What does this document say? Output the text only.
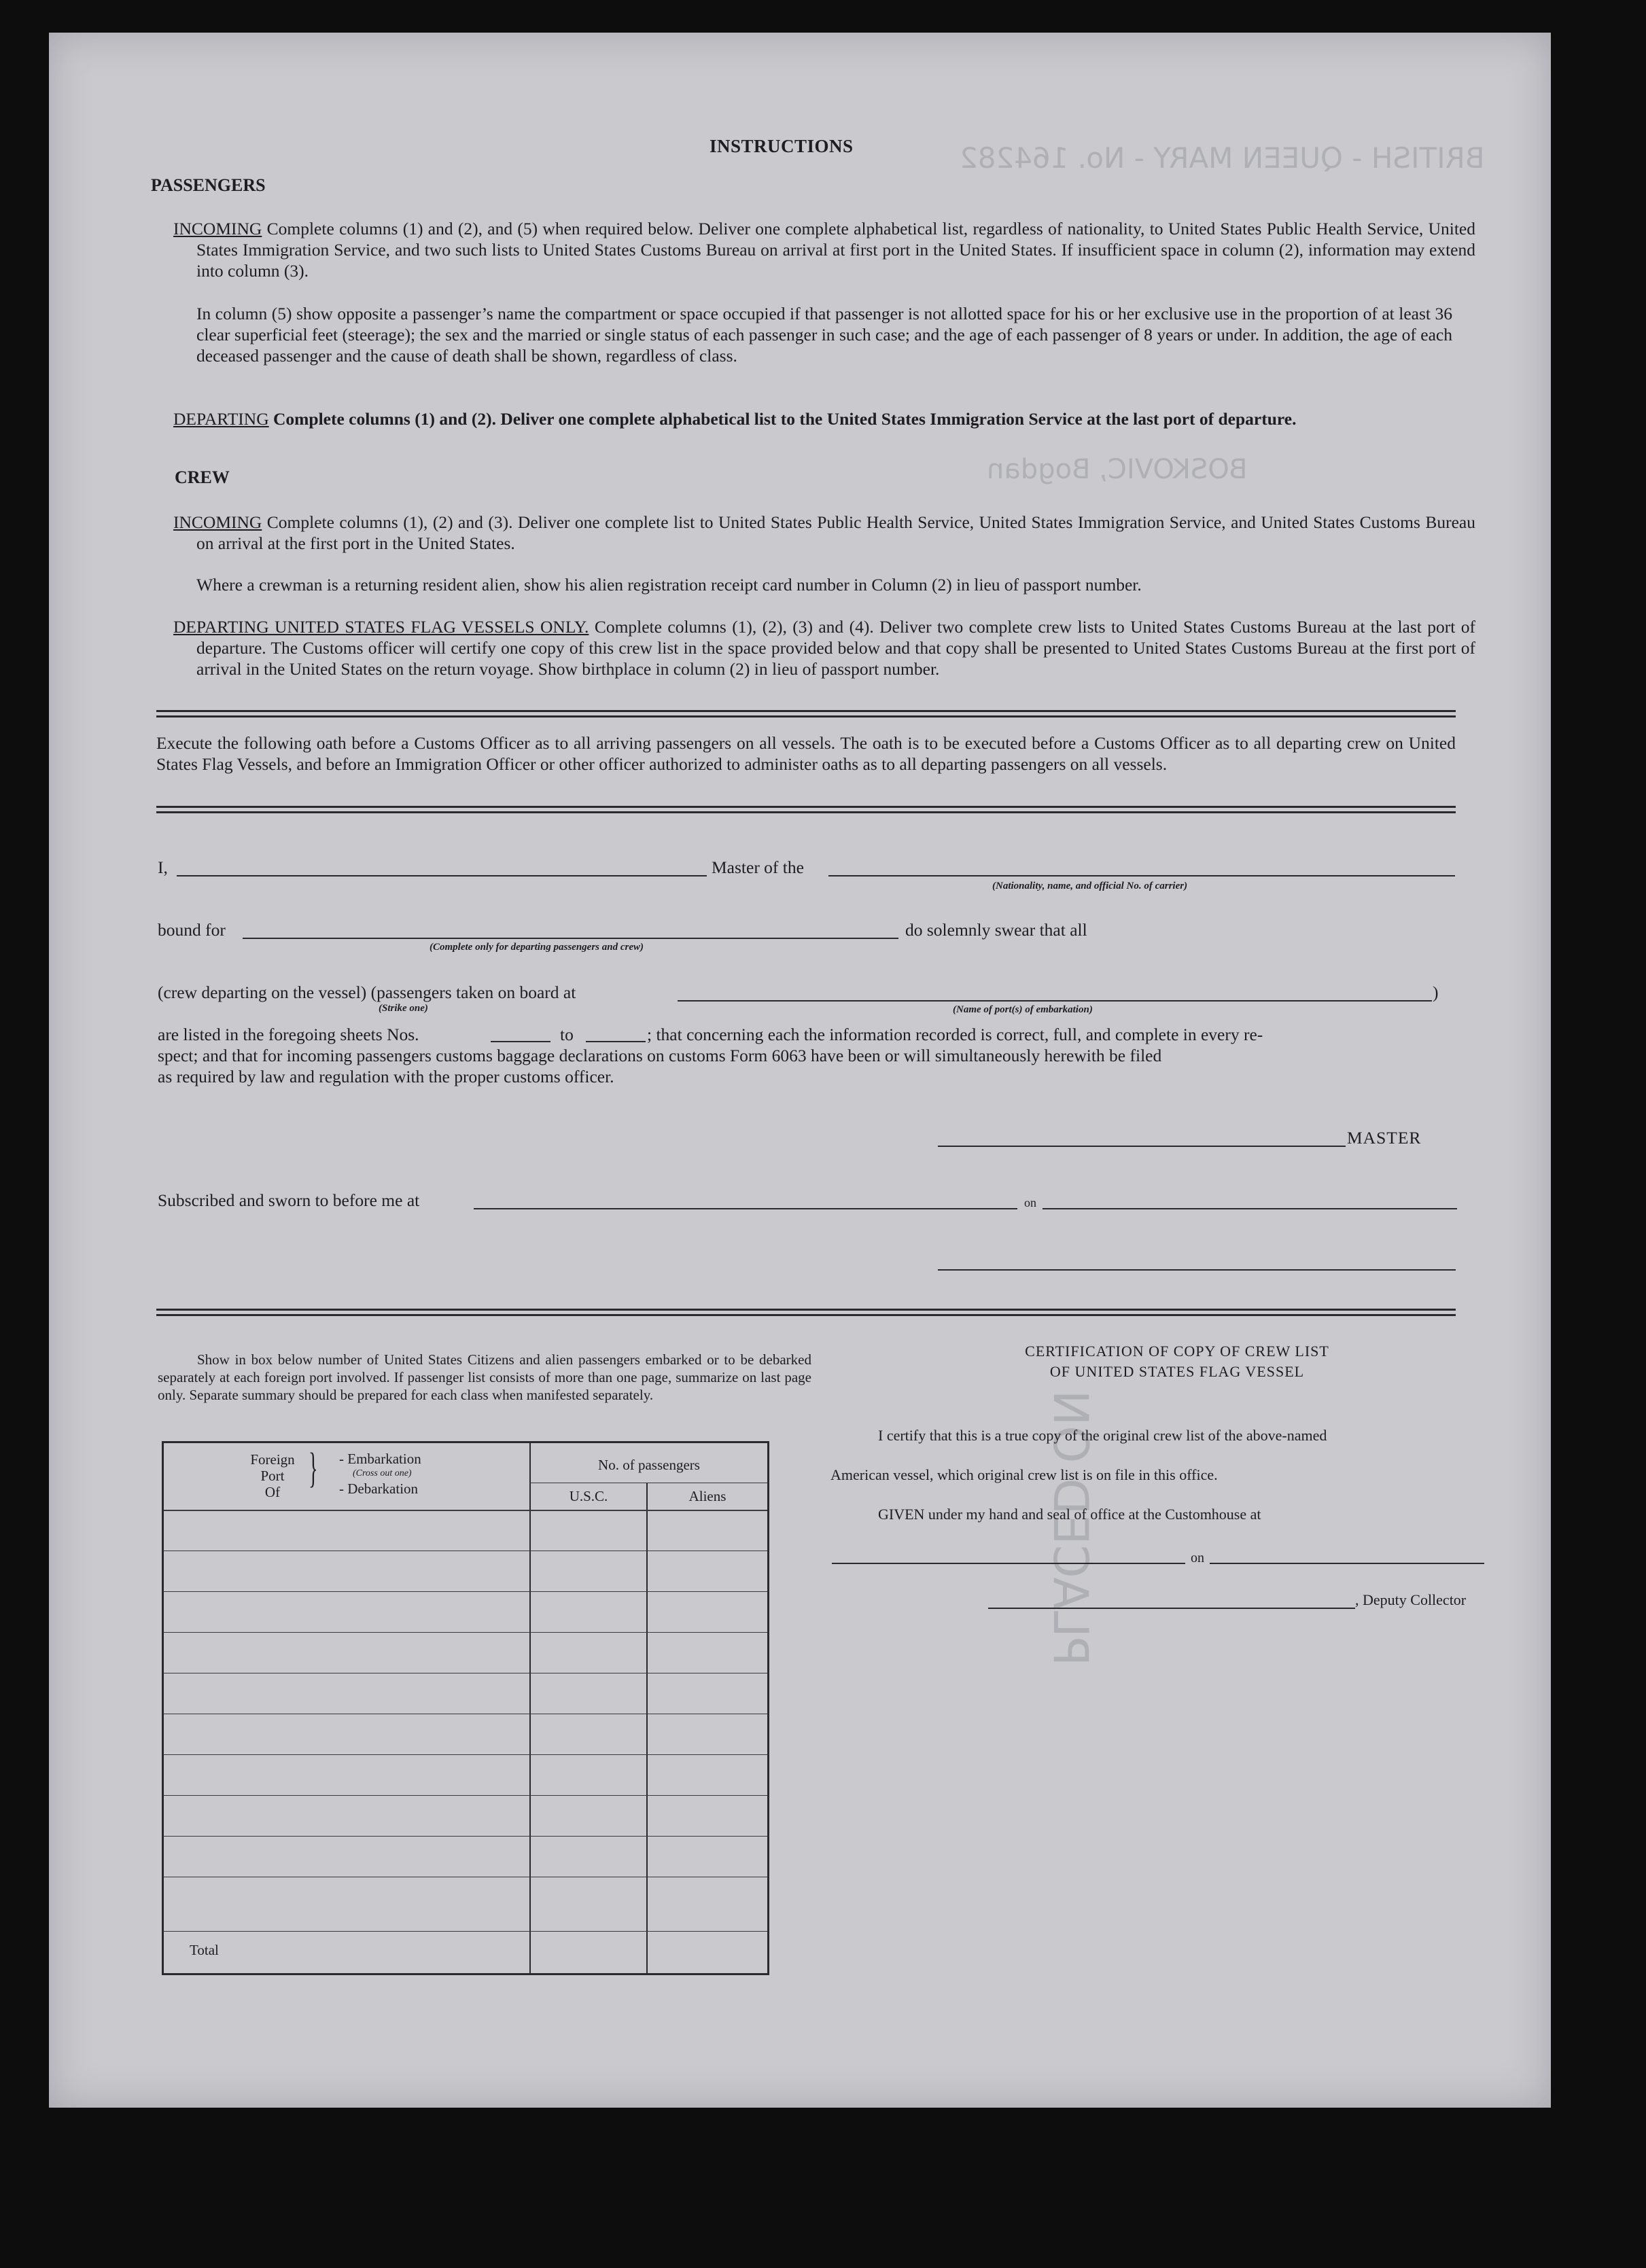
BRITISH - QUEEN MARY - No. 164282
BOSKOVIC, Bogdan
PLACED ON
INSTRUCTIONS
PASSENGERS
INCOMING Complete columns (1) and (2), and (5) when required below. Deliver one complete alphabetical list, regardless of nationality, to United States Public Health Service, United States Immigration Service, and two such lists to United States Customs Bureau on arrival at first port in the United States. If insufficient space in column (2), information may extend into column (3).
In column (5) show opposite a passenger’s name the compartment or space occupied if that passenger is not allotted space for his or her exclusive use in the proportion of at least 36 clear superficial feet (steerage); the sex and the married or single status of each passenger in such case; and the age of each passenger of 8 years or under. In addition, the age of each deceased passenger and the cause of death shall be shown, regardless of class.
DEPARTING Complete columns (1) and (2). Deliver one complete alphabetical list to the United States Immigration Service at the last port of departure.
CREW
INCOMING Complete columns (1), (2) and (3). Deliver one complete list to United States Public Health Service, United States Immigration Service, and United States Customs Bureau on arrival at the first port in the United States.
Where a crewman is a returning resident alien, show his alien registration receipt card number in Column (2) in lieu of passport number.
DEPARTING UNITED STATES FLAG VESSELS ONLY. Complete columns (1), (2), (3) and (4). Deliver two complete crew lists to United States Customs Bureau at the last port of departure. The Customs officer will certify one copy of this crew list in the space provided below and that copy shall be presented to United States Customs Bureau at the first port of arrival in the United States on the return voyage. Show birthplace in column (2) in lieu of passport number.
Execute the following oath before a Customs Officer as to all arriving passengers on all vessels. The oath is to be executed before a Customs Officer as to all departing crew on United States Flag Vessels, and before an Immigration Officer or other officer authorized to administer oaths as to all departing passengers on all vessels.
I,	Master of the
(Nationality, name, and official No. of carrier)
bound for
(Complete only for departing passengers and crew)
do solemnly swear that all
(crew departing on the vessel) (passengers taken on board at	)
(Strike one)	(Name of port(s) of embarkation)
are listed in the foregoing sheets Nos.	to	; that concerning each the information recorded is correct, full, and complete in every re-
spect; and that for incoming passengers customs baggage declarations on customs Form 6063 have been or will simultaneously herewith be filed
as required by law and regulation with the proper customs officer.
MASTER
Subscribed and sworn to before me at	on
Show in box below number of United States Citizens and alien passengers embarked or to be debarked separately at each foreign port involved. If passenger list consists of more than one page, summarize on last page only. Separate summary should be prepared for each class when manifested separately.
Foreign
Port
Of
} - Embarkation
(Cross out one)
- Debarkation
No. of passengers
U.S.C.	Aliens
Total
CERTIFICATION OF COPY OF CREW LIST
OF UNITED STATES FLAG VESSEL
I certify that this is a true copy of the original crew list of the above-named
American vessel, which original crew list is on file in this office.
GIVEN under my hand and seal of office at the Customhouse at
on
, Deputy Collector
